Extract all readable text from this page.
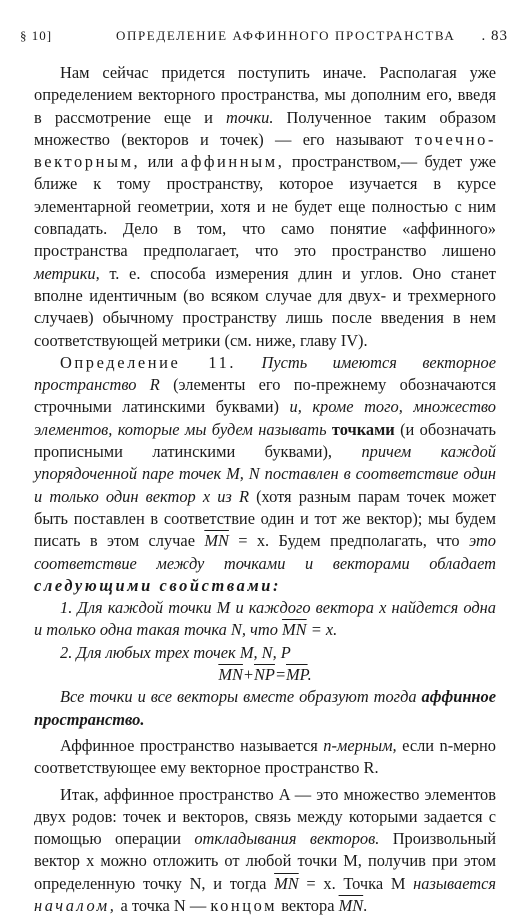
§ 10]	ОПРЕДЕЛЕНИЕ АФФИННОГО ПРОСТРАНСТВА . 83

Нам сейчас придется поступить иначе. Располагая уже определением векторного пространства, мы дополним его, введя в рассмотрение еще и точки. Полученное таким образом множество (векторов и точек) — его называют точечно-векторным, или аффинным, пространством,— будет уже ближе к тому пространству, которое изучается в курсе элементарной геометрии, хотя и не будет еще полностью с ним совпадать. Дело в том, что само понятие «аффинного» пространства предполагает, что это пространство лишено метрики, т. е. способа измерения длин и углов. Оно станет вполне идентичным (во всяком случае для двух- и трехмерного случаев) обычному пространству лишь после введения в нем соответствующей метрики (см. ниже, главу IV).

Определение 11. Пусть имеются векторное пространство R (элементы его по-прежнему обозначаются строчными латинскими буквами) и, кроме того, множество элементов, которые мы будем называть точками (и обозначать прописными латинскими буквами), причем каждой упорядоченной паре точек M, N поставлен в соответствие один и только один вектор x из R (хотя разным парам точек может быть поставлен в соответствие один и тот же вектор); мы будем писать в этом случае $\overline{MN} = x$. Будем предполагать, что это соответствие между точками и векторами обладает следующими свойствами:

1. Для каждой точки M и каждого вектора x найдется одна и только одна такая точка N, что $\overline{MN} = x$.

2. Для любых трех точек M, N, P

$\overline{MN}+\overline{NP}=\overline{MP}$.

Все точки и все векторы вместе образуют тогда аффинное пространство.

Аффинное пространство называется n-мерным, если n-мерно соответствующее ему векторное пространство R.

Итак, аффинное пространство A — это множество элементов двух родов: точек и векторов, связь между которыми задается с помощью операции откладывания векторов. Произвольный вектор x можно отложить от любой точки M, получив при этом определенную точку N, и тогда $\overline{MN} = x$. Точка M называется началом, а точка N — концом вектора $\overline{MN}$.
